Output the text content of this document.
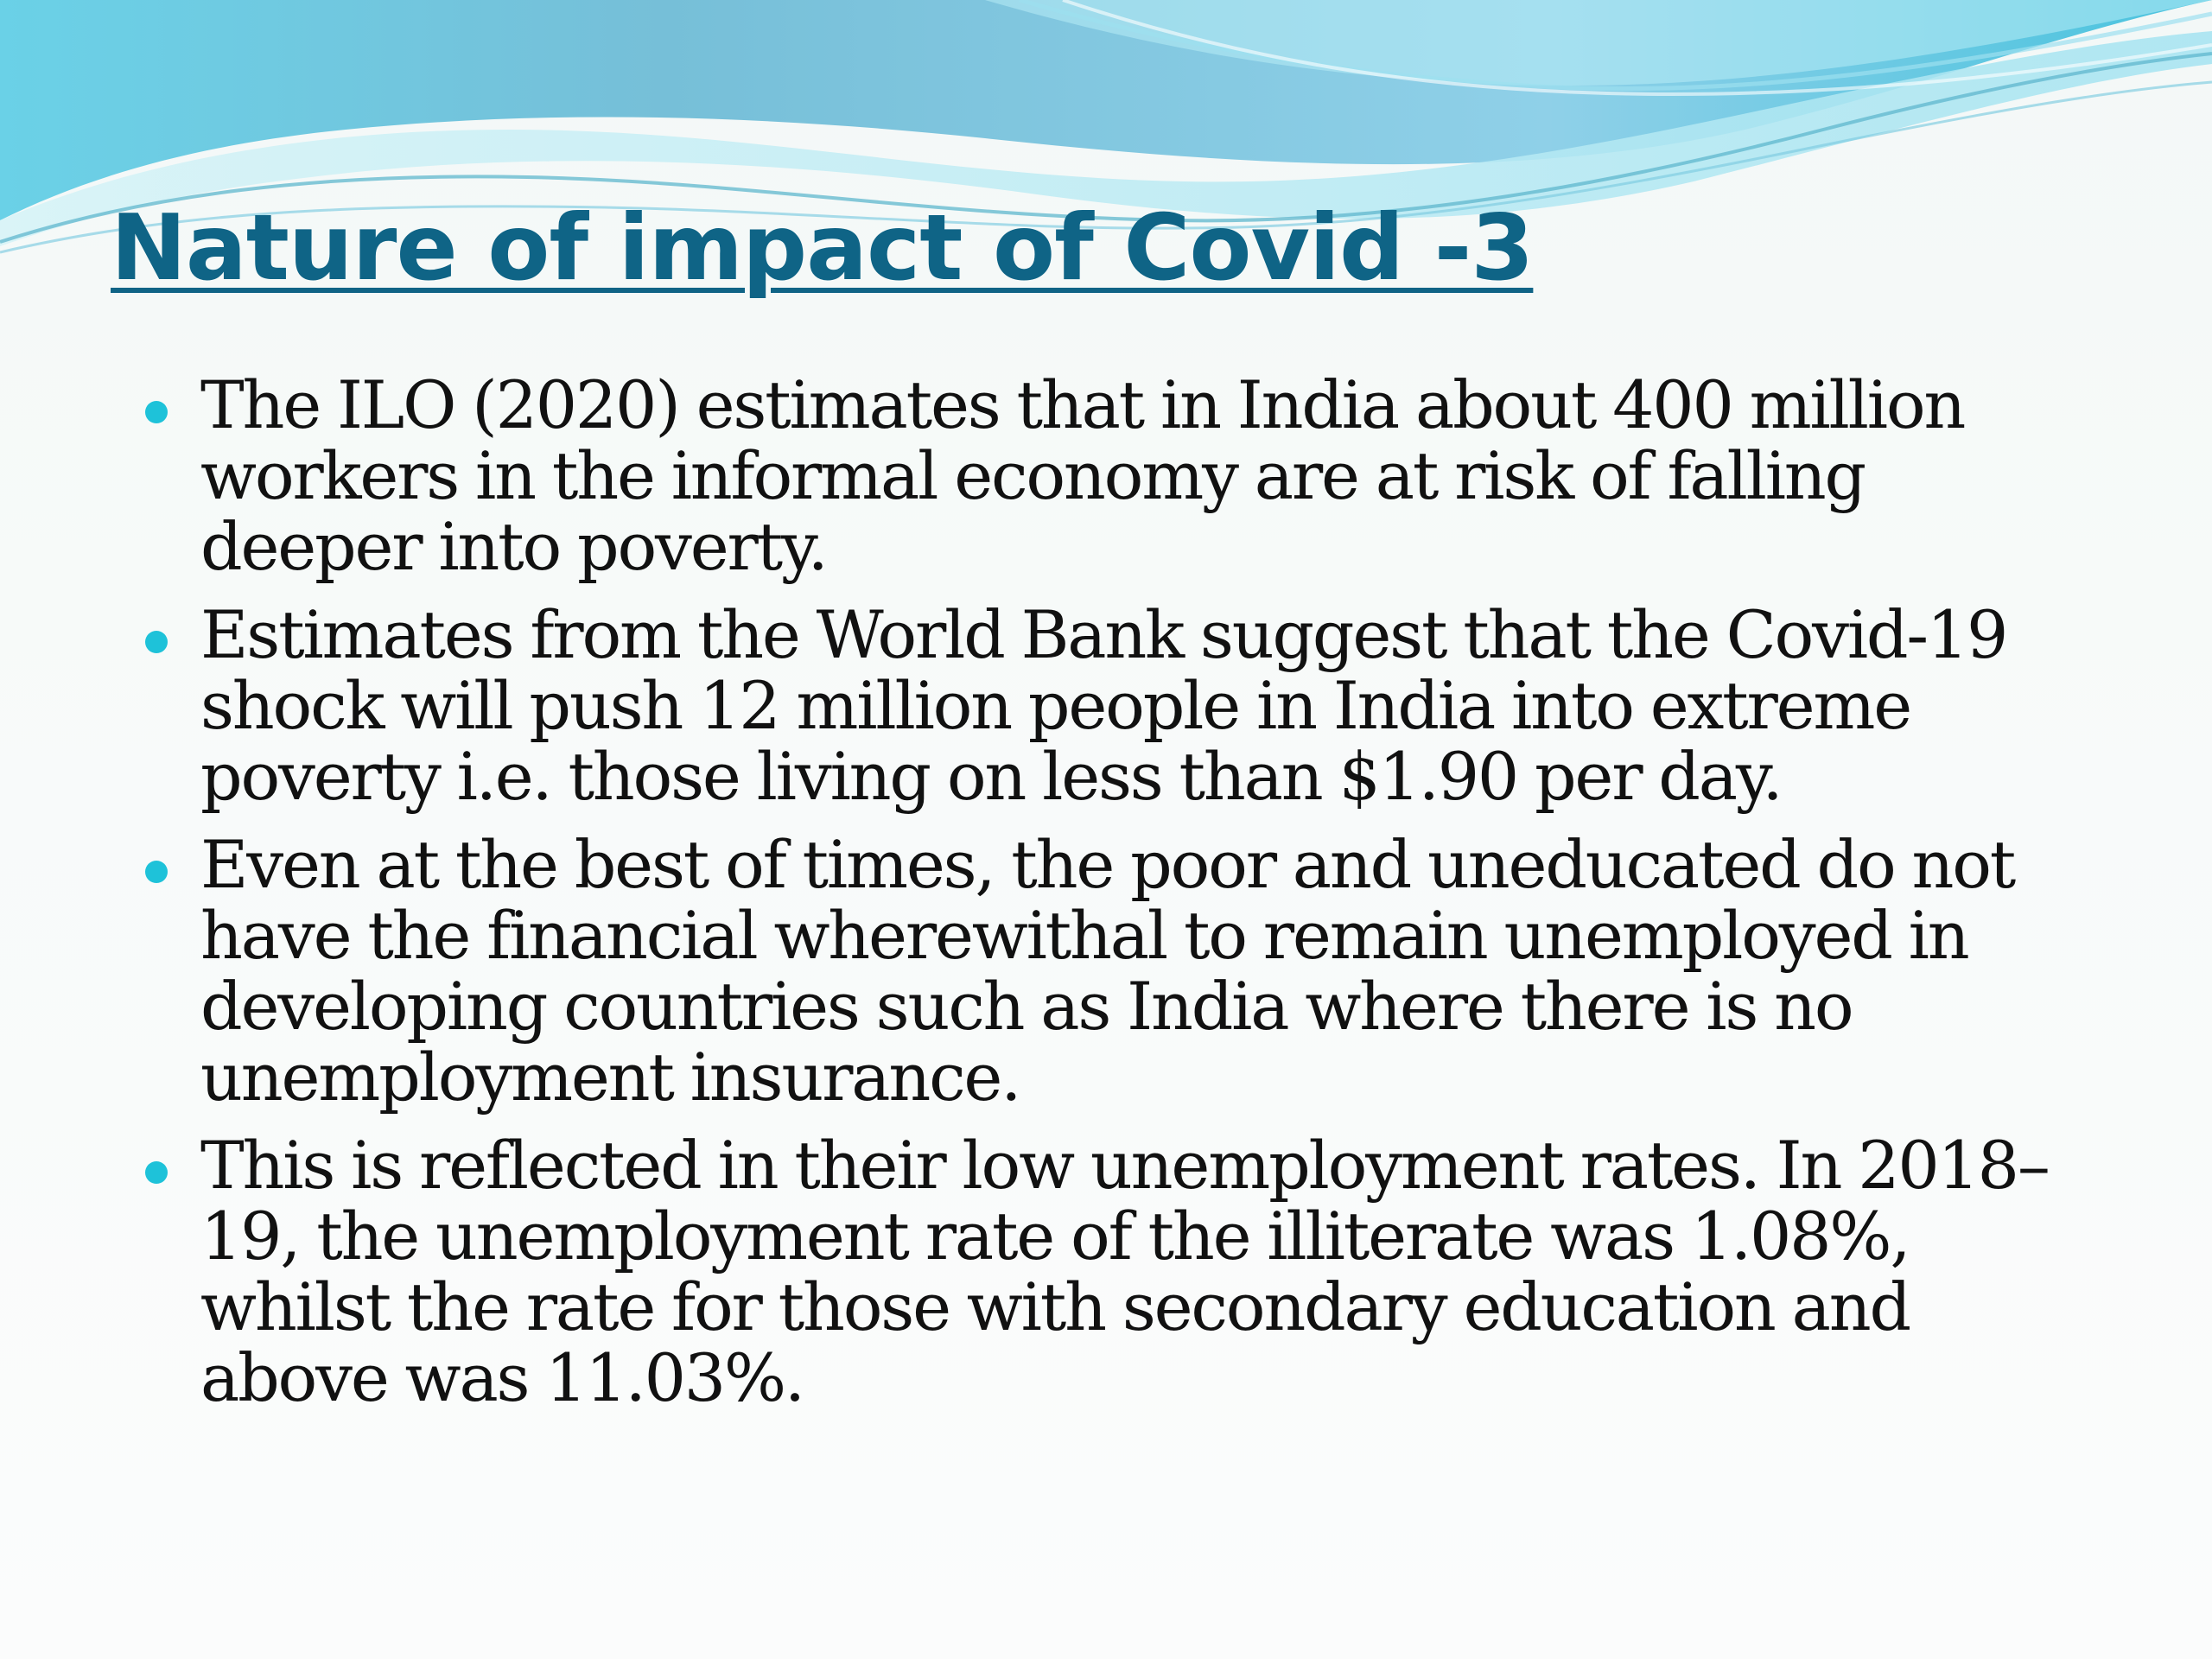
Nature of impact of Covid -3
The ILO (2020) estimates that in India about 400 million workers in the informal economy are at risk of falling deeper into poverty.
Estimates from the World Bank suggest that the Covid-19 shock will push 12 million people in India into extreme poverty i.e. those living on less than $1.90 per day.
Even at the best of times, the poor and uneducated do not have the financial wherewithal to remain unemployed in developing countries such as India where there is no unemployment insurance.
This is reflected in their low unemployment rates. In 2018–19, the unemployment rate of the illiterate was 1.08%, whilst the rate for those with secondary education and above was 11.03%.
